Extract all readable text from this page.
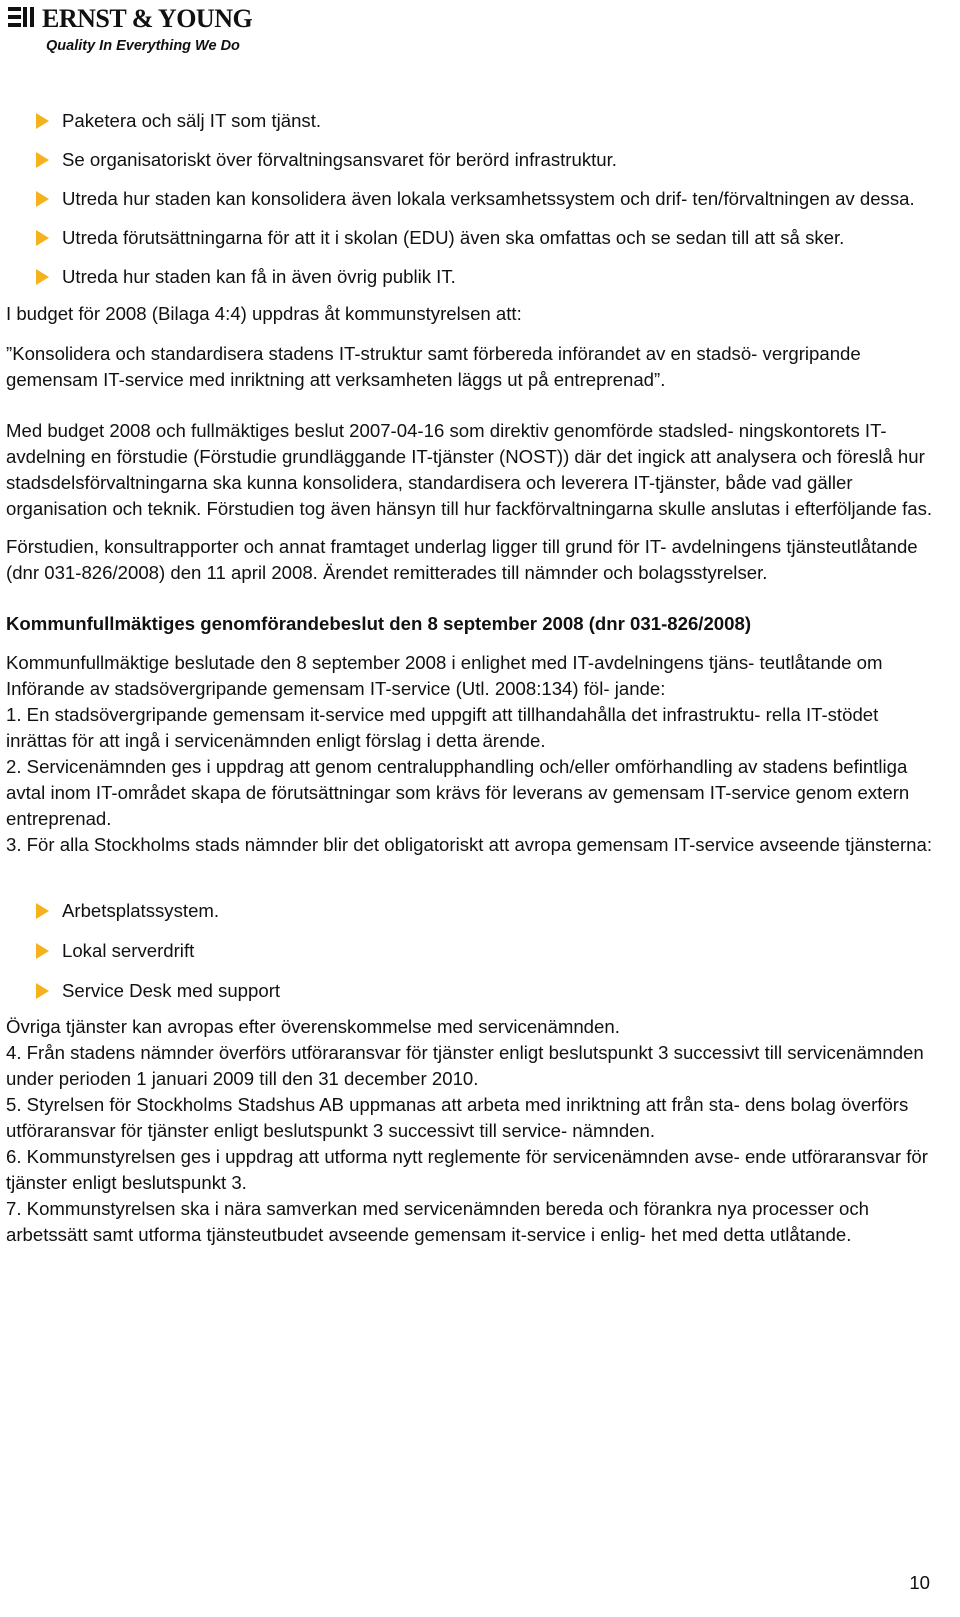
ERNST & YOUNG
Quality In Everything We Do
Paketera och sälj IT som tjänst.
Se organisatoriskt över förvaltningsansvaret för berörd infrastruktur.
Utreda hur staden kan konsolidera även lokala verksamhetssystem och drif- ten/förvaltningen av dessa.
Utreda förutsättningarna för att it i skolan (EDU) även ska omfattas och se sedan till att så sker.
Utreda hur staden kan få in även övrig publik IT.

I budget för 2008 (Bilaga 4:4) uppdras åt kommunstyrelsen att:

”Konsolidera och standardisera stadens IT-struktur samt förbereda införandet av en stadsö- vergripande gemensam IT-service med inriktning att verksamheten läggs ut på entreprenad”.

Med budget 2008 och fullmäktiges beslut 2007-04-16 som direktiv genomförde stadsled- ningskontorets IT-avdelning en förstudie (Förstudie grundläggande IT-tjänster (NOST)) där det ingick att analysera och föreslå hur stadsdelsförvaltningarna ska kunna konsolidera, standardisera och leverera IT-tjänster, både vad gäller organisation och teknik. Förstudien tog även hänsyn till hur fackförvaltningarna skulle anslutas i efterföljande fas.

Förstudien, konsultrapporter och annat framtaget underlag ligger till grund för IT- avdelningens tjänsteutlåtande (dnr 031-826/2008) den 11 april 2008. Ärendet remitterades till nämnder och bolagsstyrelser.

Kommunfullmäktiges genomförandebeslut den 8 september 2008 (dnr 031-826/2008)

Kommunfullmäktige beslutade den 8 september 2008 i enlighet med IT-avdelningens tjäns- teutlåtande om Införande av stadsövergripande gemensam IT-service (Utl. 2008:134) föl- jande:

1. En stadsövergripande gemensam it-service med uppgift att tillhandahålla det infrastruktu- rella IT-stödet inrättas för att ingå i servicenämnden enligt förslag i detta ärende.

2. Servicenämnden ges i uppdrag att genom centralupphandling och/eller omförhandling av stadens befintliga avtal inom IT-området skapa de förutsättningar som krävs för leverans av gemensam IT-service genom extern entreprenad.

3. För alla Stockholms stads nämnder blir det obligatoriskt att avropa gemensam IT-service avseende tjänsterna:

Arbetsplatssystem.
Lokal serverdrift
Service Desk med support

Övriga tjänster kan avropas efter överenskommelse med servicenämnden.

4. Från stadens nämnder överförs utföraransvar för tjänster enligt beslutspunkt 3 successivt till servicenämnden under perioden 1 januari 2009 till den 31 december 2010.

5. Styrelsen för Stockholms Stadshus AB uppmanas att arbeta med inriktning att från sta- dens bolag överförs utföraransvar för tjänster enligt beslutspunkt 3 successivt till service- nämnden.

6. Kommunstyrelsen ges i uppdrag att utforma nytt reglemente för servicenämnden avse- ende utföraransvar för tjänster enligt beslutspunkt 3.

7. Kommunstyrelsen ska i nära samverkan med servicenämnden bereda och förankra nya processer och arbetssätt samt utforma tjänsteutbudet avseende gemensam it-service i enlig- het med detta utlåtande.

10
